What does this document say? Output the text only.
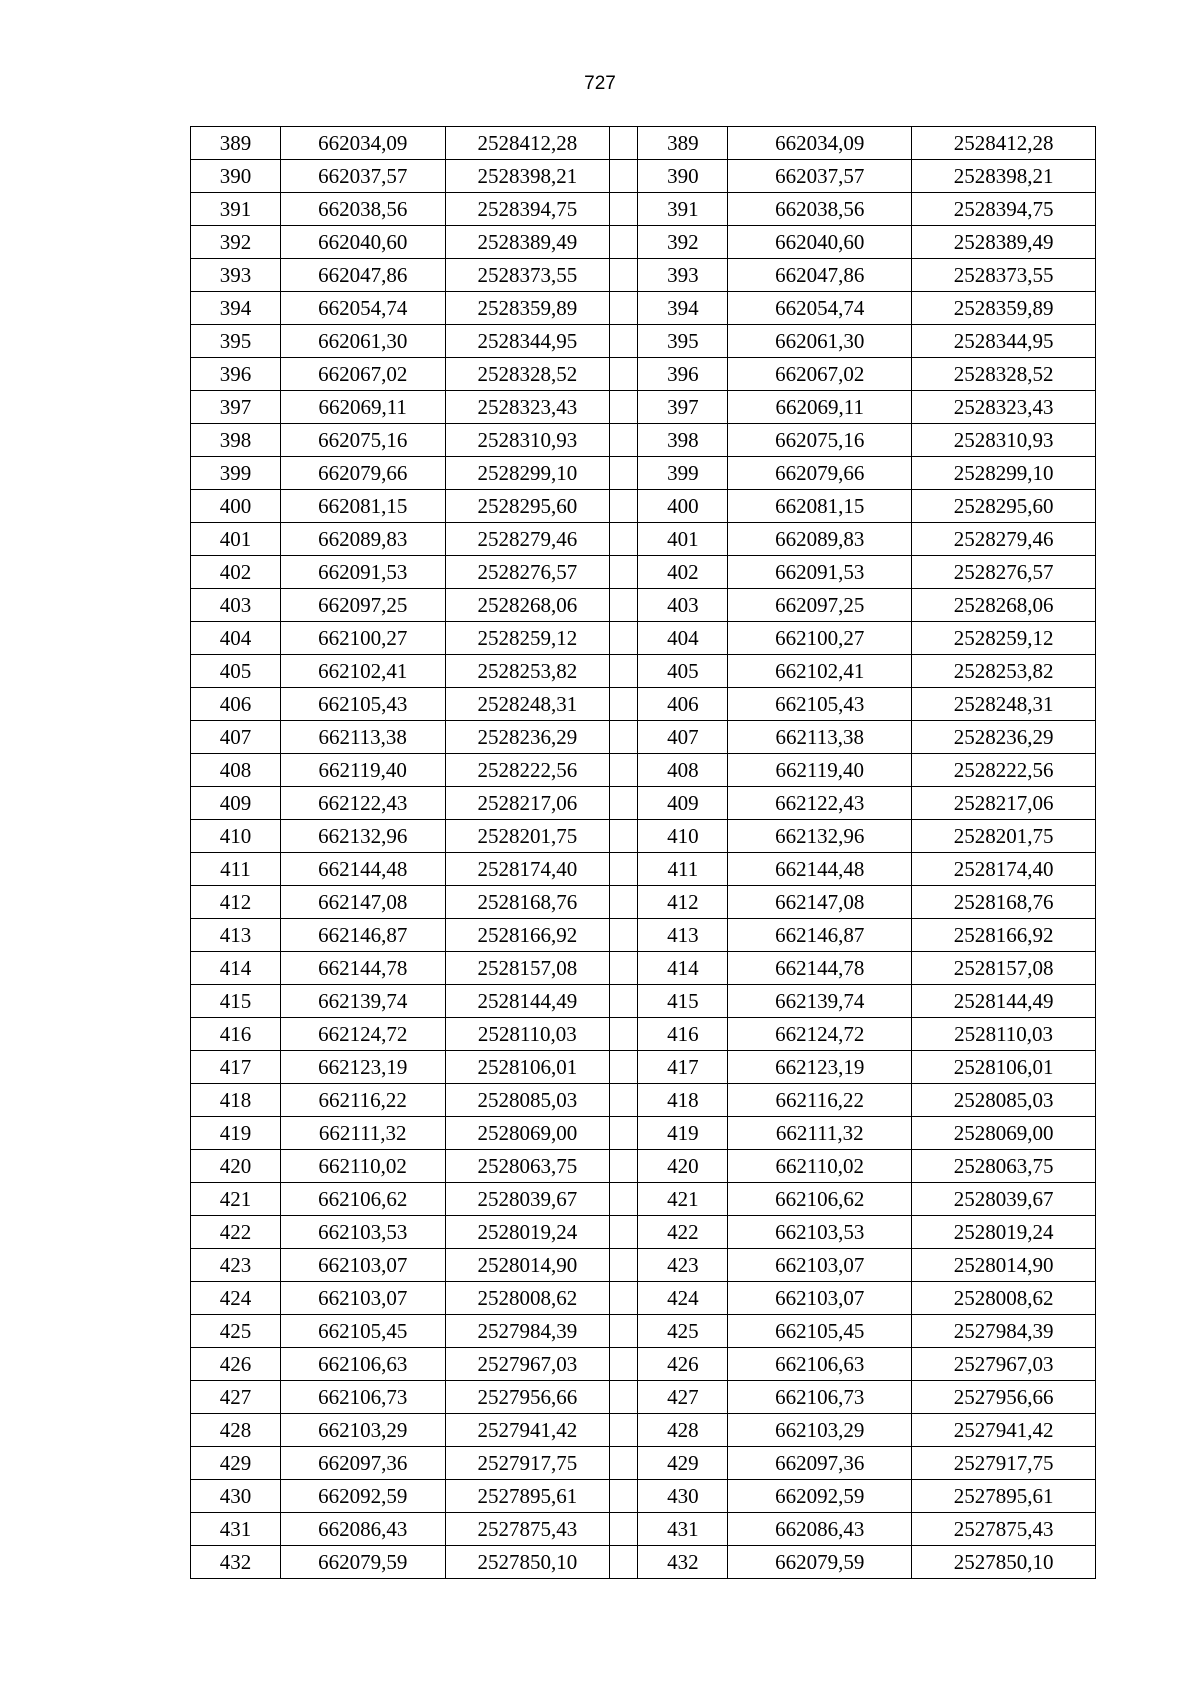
727
389	662034,09	2528412,28		389	662034,09	2528412,28
390	662037,57	2528398,21		390	662037,57	2528398,21
391	662038,56	2528394,75		391	662038,56	2528394,75
392	662040,60	2528389,49		392	662040,60	2528389,49
393	662047,86	2528373,55		393	662047,86	2528373,55
394	662054,74	2528359,89		394	662054,74	2528359,89
395	662061,30	2528344,95		395	662061,30	2528344,95
396	662067,02	2528328,52		396	662067,02	2528328,52
397	662069,11	2528323,43		397	662069,11	2528323,43
398	662075,16	2528310,93		398	662075,16	2528310,93
399	662079,66	2528299,10		399	662079,66	2528299,10
400	662081,15	2528295,60		400	662081,15	2528295,60
401	662089,83	2528279,46		401	662089,83	2528279,46
402	662091,53	2528276,57		402	662091,53	2528276,57
403	662097,25	2528268,06		403	662097,25	2528268,06
404	662100,27	2528259,12		404	662100,27	2528259,12
405	662102,41	2528253,82		405	662102,41	2528253,82
406	662105,43	2528248,31		406	662105,43	2528248,31
407	662113,38	2528236,29		407	662113,38	2528236,29
408	662119,40	2528222,56		408	662119,40	2528222,56
409	662122,43	2528217,06		409	662122,43	2528217,06
410	662132,96	2528201,75		410	662132,96	2528201,75
411	662144,48	2528174,40		411	662144,48	2528174,40
412	662147,08	2528168,76		412	662147,08	2528168,76
413	662146,87	2528166,92		413	662146,87	2528166,92
414	662144,78	2528157,08		414	662144,78	2528157,08
415	662139,74	2528144,49		415	662139,74	2528144,49
416	662124,72	2528110,03		416	662124,72	2528110,03
417	662123,19	2528106,01		417	662123,19	2528106,01
418	662116,22	2528085,03		418	662116,22	2528085,03
419	662111,32	2528069,00		419	662111,32	2528069,00
420	662110,02	2528063,75		420	662110,02	2528063,75
421	662106,62	2528039,67		421	662106,62	2528039,67
422	662103,53	2528019,24		422	662103,53	2528019,24
423	662103,07	2528014,90		423	662103,07	2528014,90
424	662103,07	2528008,62		424	662103,07	2528008,62
425	662105,45	2527984,39		425	662105,45	2527984,39
426	662106,63	2527967,03		426	662106,63	2527967,03
427	662106,73	2527956,66		427	662106,73	2527956,66
428	662103,29	2527941,42		428	662103,29	2527941,42
429	662097,36	2527917,75		429	662097,36	2527917,75
430	662092,59	2527895,61		430	662092,59	2527895,61
431	662086,43	2527875,43		431	662086,43	2527875,43
432	662079,59	2527850,10		432	662079,59	2527850,10
